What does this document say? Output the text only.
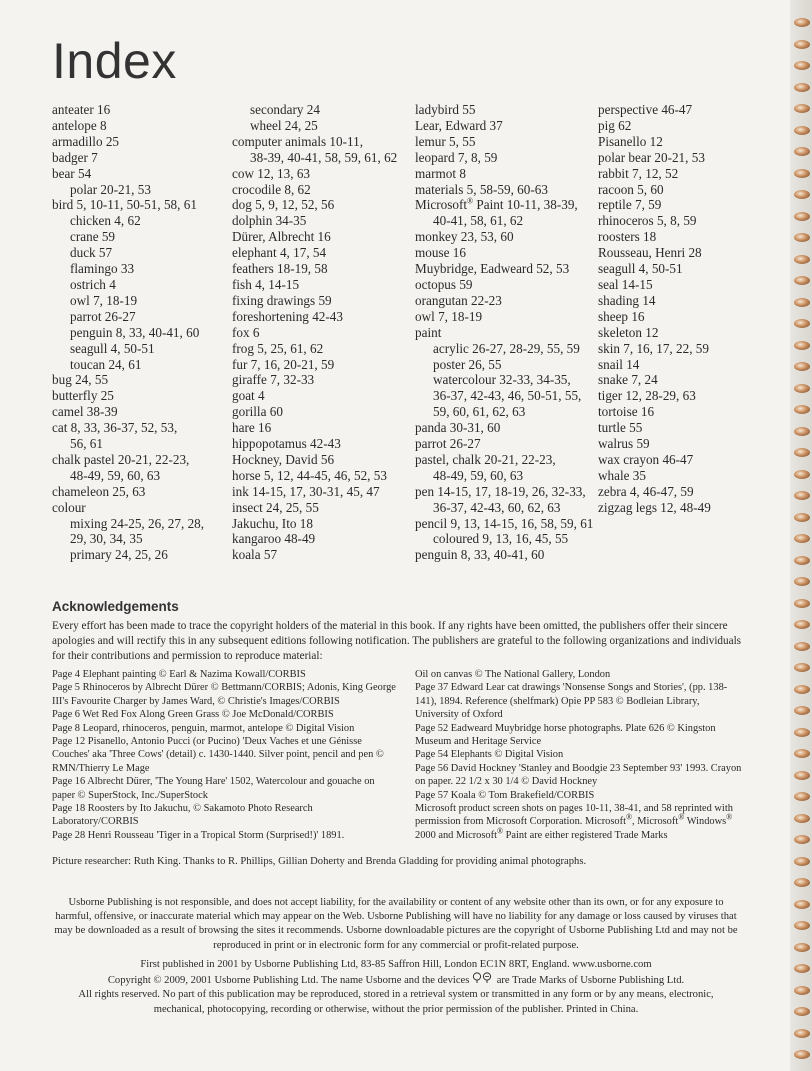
Index
anteater 16
antelope 8
armadillo 25
badger 7
bear 54
polar 20-21, 53
bird 5, 10-11, 50-51, 58, 61
chicken 4, 62
crane 59
duck 57
flamingo 33
ostrich 4
owl 7, 18-19
parrot 26-27
penguin 8, 33, 40-41, 60
seagull 4, 50-51
toucan 24, 61
bug 24, 55
butterfly 25
camel 38-39
cat 8, 33, 36-37, 52, 53,
56, 61
chalk pastel 20-21, 22-23,
48-49, 59, 60, 63
chameleon 25, 63
colour
mixing 24-25, 26, 27, 28,
29, 30, 34, 35
primary 24, 25, 26
secondary 24
wheel 24, 25
computer animals 10-11,
38-39, 40-41, 58, 59, 61, 62
cow 12, 13, 63
crocodile 8, 62
dog 5, 9, 12, 52, 56
dolphin 34-35
Dürer, Albrecht 16
elephant 4, 17, 54
feathers 18-19, 58
fish 4, 14-15
fixing drawings 59
foreshortening 42-43
fox 6
frog 5, 25, 61, 62
fur 7, 16, 20-21, 59
giraffe 7, 32-33
goat 4
gorilla 60
hare 16
hippopotamus 42-43
Hockney, David 56
horse 5, 12, 44-45, 46, 52, 53
ink 14-15, 17, 30-31, 45, 47
insect 24, 25, 55
Jakuchu, Ito 18
kangaroo 48-49
koala 57
ladybird 55
Lear, Edward 37
lemur 5, 55
leopard 7, 8, 59
marmot 8
materials 5, 58-59, 60-63
Microsoft® Paint 10-11, 38-39,
40-41, 58, 61, 62
monkey 23, 53, 60
mouse 16
Muybridge, Eadweard 52, 53
octopus 59
orangutan 22-23
owl 7, 18-19
paint
acrylic 26-27, 28-29, 55, 59
poster 26, 55
watercolour 32-33, 34-35,
36-37, 42-43, 46, 50-51, 55,
59, 60, 61, 62, 63
panda 30-31, 60
parrot 26-27
pastel, chalk 20-21, 22-23,
48-49, 59, 60, 63
pen 14-15, 17, 18-19, 26, 32-33,
36-37, 42-43, 60, 62, 63
pencil 9, 13, 14-15, 16, 58, 59, 61
coloured 9, 13, 16, 45, 55
penguin 8, 33, 40-41, 60
perspective 46-47
pig 62
Pisanello 12
polar bear 20-21, 53
rabbit 7, 12, 52
racoon 5, 60
reptile 7, 59
rhinoceros 5, 8, 59
roosters 18
Rousseau, Henri 28
seagull 4, 50-51
seal 14-15
shading 14
sheep 16
skeleton 12
skin 7, 16, 17, 22, 59
snail 14
snake 7, 24
tiger 12, 28-29, 63
tortoise 16
turtle 55
walrus 59
wax crayon 46-47
whale 35
zebra 4, 46-47, 59
zigzag legs 12, 48-49
Acknowledgements

Every effort has been made to trace the copyright holders of the material in this book. If any rights have been omitted, the publishers offer their sincere apologies and will rectify this in any subsequent editions following notification. The publishers are grateful to the following organizations and individuals for their contributions and permission to reproduce material:

Page 4 Elephant painting © Earl & Nazima Kowall/CORBIS

Page 5 Rhinoceros by Albrecht Dürer © Bettmann/CORBIS; Adonis, King George III's Favourite Charger by James Ward, © Christie's Images/CORBIS

Page 6 Wet Red Fox Along Green Grass © Joe McDonald/CORBIS

Page 8 Leopard, rhinoceros, penguin, marmot, antelope © Digital Vision

Page 12 Pisanello, Antonio Pucci (or Pucino) 'Deux Vaches et une Génisse Couches' aka 'Three Cows' (detail) c. 1430-1440. Silver point, pencil and pen © RMN/Thierry Le Mage

Page 16 Albrecht Dürer, 'The Young Hare' 1502, Watercolour and gouache on paper © SuperStock, Inc./SuperStock

Page 18 Roosters by Ito Jakuchu, © Sakamoto Photo Research Laboratory/CORBIS

Page 28 Henri Rousseau 'Tiger in a Tropical Storm (Surprised!)' 1891.

Oil on canvas © The National Gallery, London

Page 37 Edward Lear cat drawings 'Nonsense Songs and Stories', (pp. 138-141), 1894. Reference (shelfmark) Opie PP 583 © Bodleian Library, University of Oxford

Page 52 Eadweard Muybridge horse photographs. Plate 626 © Kingston Museum and Heritage Service

Page 54 Elephants © Digital Vision

Page 56 David Hockney 'Stanley and Boodgie 23 September 93' 1993. Crayon on paper. 22 1/2 x 30 1/4 © David Hockney

Page 57 Koala © Tom Brakefield/CORBIS

Microsoft product screen shots on pages 10-11, 38-41, and 58 reprinted with permission from Microsoft Corporation. Microsoft®, Microsoft® Windows® 2000 and Microsoft® Paint are either registered Trade Marks

Picture researcher: Ruth King. Thanks to R. Phillips, Gillian Doherty and Brenda Gladding for providing animal photographs.

Usborne Publishing is not responsible, and does not accept liability, for the availability or content of any website other than its own, or for any exposure to harmful, offensive, or inaccurate material which may appear on the Web. Usborne Publishing will have no liability for any damage or loss caused by viruses that may be downloaded as a result of browsing the sites it recommends. Usborne downloadable pictures are the copyright of Usborne Publishing Ltd and may not be reproduced in print or in electronic form for any commercial or profit-related purpose.

First published in 2001 by Usborne Publishing Ltd, 83-85 Saffron Hill, London EC1N 8RT, England. www.usborne.com

Copyright © 2009, 2001 Usborne Publishing Ltd. The name Usborne and the devices	are Trade Marks of Usborne Publishing Ltd.

All rights reserved. No part of this publication may be reproduced, stored in a retrieval system or transmitted in any form or by any means, electronic, mechanical, photocopying, recording or otherwise, without the prior permission of the publisher. Printed in China.
